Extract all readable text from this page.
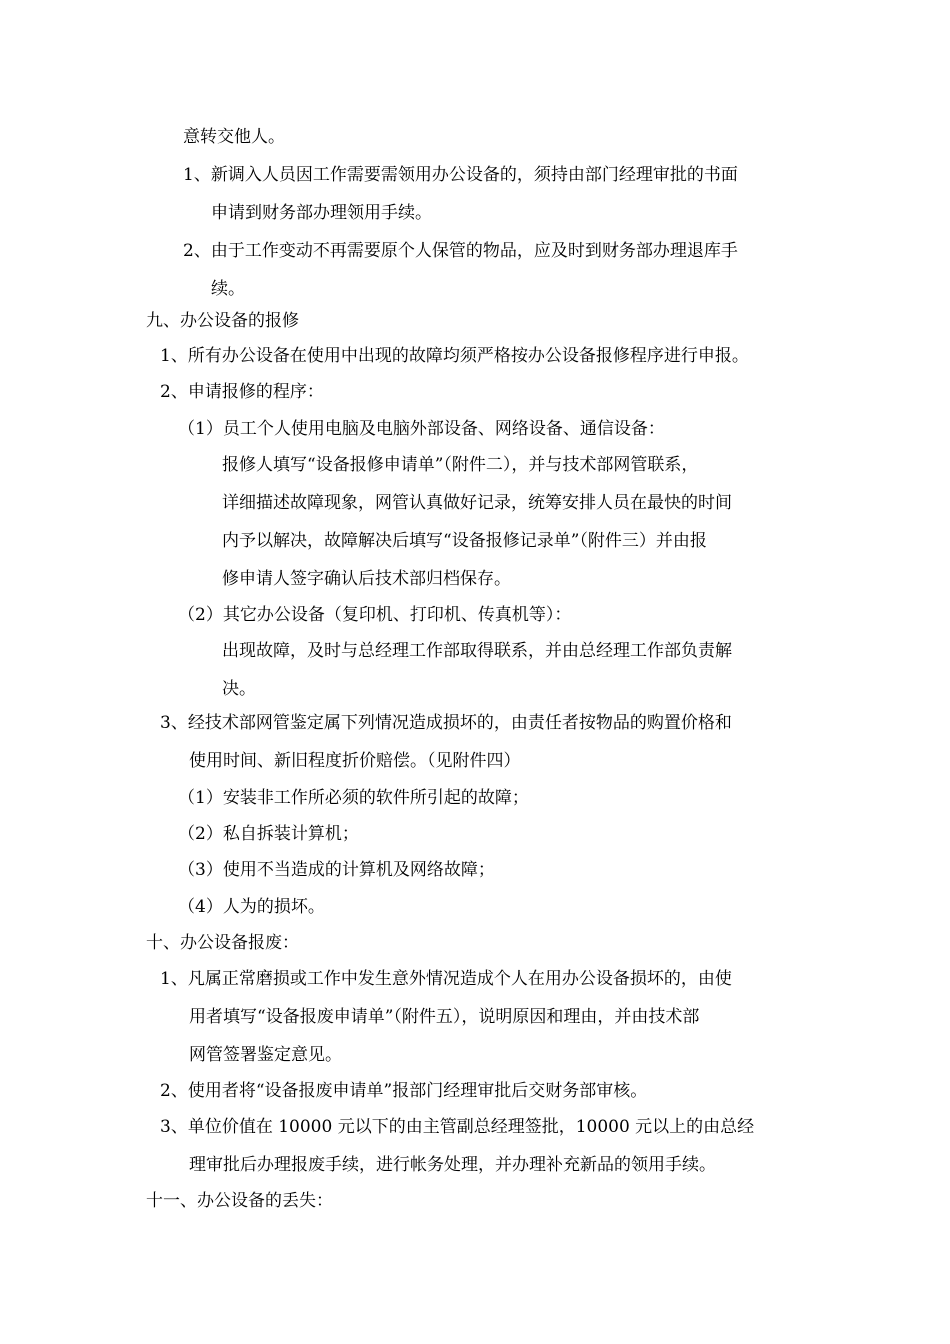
意转交他人。
1、新调入人员因工作需要需领用办公设备的，须持由部门经理审批的书面
申请到财务部办理领用手续。
2、由于工作变动不再需要原个人保管的物品，应及时到财务部办理退库手
续。
九、办公设备的报修
1、所有办公设备在使用中出现的故障均须严格按办公设备报修程序进行申报。
2、申请报修的程序：
（1）员工个人使用电脑及电脑外部设备、网络设备、通信设备：
报修人填写“设备报修申请单”（附件二），并与技术部网管联系，
详细描述故障现象，网管认真做好记录，统筹安排人员在最快的时间
内予以解决，故障解决后填写“设备报修记录单”（附件三）并由报
修申请人签字确认后技术部归档保存。
（2）其它办公设备（复印机、打印机、传真机等）：
出现故障，及时与总经理工作部取得联系，并由总经理工作部负责解
决。
3、经技术部网管鉴定属下列情况造成损坏的，由责任者按物品的购置价格和
使用时间、新旧程度折价赔偿。（见附件四）
（1）安装非工作所必须的软件所引起的故障；
（2）私自拆装计算机；
（3）使用不当造成的计算机及网络故障；
（4）人为的损坏。
十、办公设备报废：
1、凡属正常磨损或工作中发生意外情况造成个人在用办公设备损坏的，由使
用者填写“设备报废申请单”（附件五），说明原因和理由，并由技术部
网管签署鉴定意见。
2、使用者将“设备报废申请单”报部门经理审批后交财务部审核。
3、单位价值在 10000 元以下的由主管副总经理签批，10000 元以上的由总经
理审批后办理报废手续，进行帐务处理，并办理补充新品的领用手续。
十一、办公设备的丢失：
